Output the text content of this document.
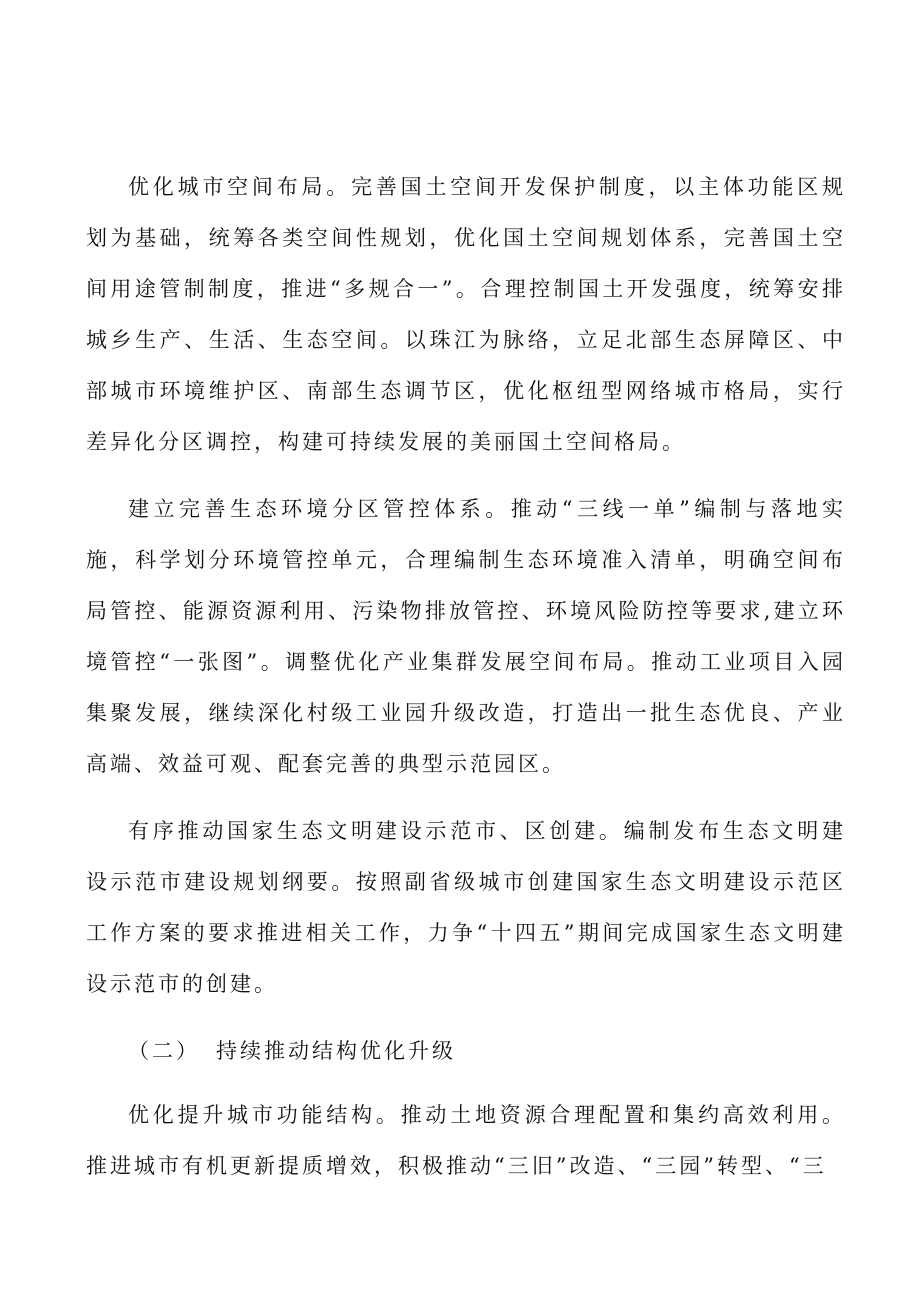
优化城市空间布局。完善国土空间开发保护制度，以主体功能区规划为基础，统筹各类空间性规划，优化国土空间规划体系，完善国土空间用途管制制度，推进“多规合一”。合理控制国土开发强度，统筹安排城乡生产、生活、生态空间。以珠江为脉络，立足北部生态屏障区、中部城市环境维护区、南部生态调节区，优化枢纽型网络城市格局，实行差异化分区调控，构建可持续发展的美丽国土空间格局。

建立完善生态环境分区管控体系。推动“三线一单”编制与落地实施，科学划分环境管控单元，合理编制生态环境准入清单，明确空间布局管控、能源资源利用、污染物排放管控、环境风险防控等要求,建立环境管控“一张图”。调整优化产业集群发展空间布局。推动工业项目入园集聚发展，继续深化村级工业园升级改造，打造出一批生态优良、产业高端、效益可观、配套完善的典型示范园区。

有序推动国家生态文明建设示范市、区创建。编制发布生态文明建设示范市建设规划纲要。按照副省级城市创建国家生态文明建设示范区工作方案的要求推进相关工作，力争“十四五”期间完成国家生态文明建设示范市的创建。

（二） 持续推动结构优化升级

优化提升城市功能结构。推动土地资源合理配置和集约高效利用。推进城市有机更新提质增效，积极推动“三旧”改造、“三园”转型、“三
